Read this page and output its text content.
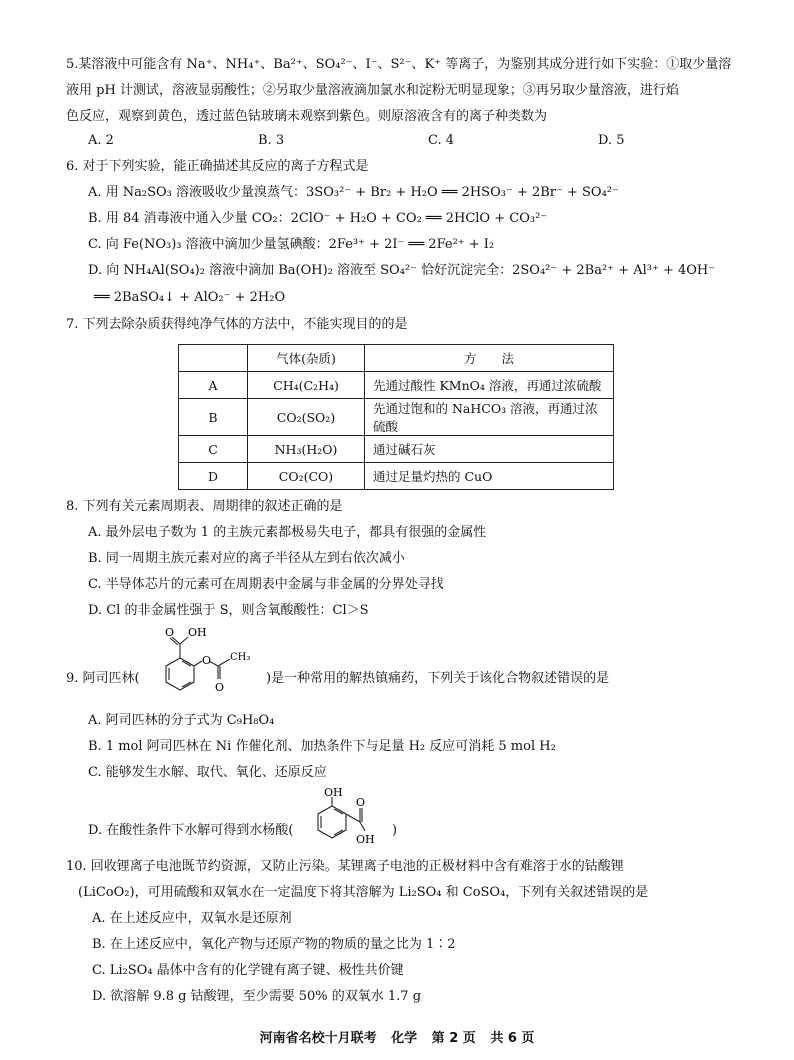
5.某溶液中可能含有 Na⁺、NH₄⁺、Ba²⁺、SO₄²⁻、I⁻、S²⁻、K⁺ 等离子，为鉴别其成分进行如下实验：①取少量溶
液用 pH 计测试，溶液显弱酸性；②另取少量溶液滴加氯水和淀粉无明显现象；③再另取少量溶液，进行焰
色反应，观察到黄色，透过蓝色钴玻璃未观察到紫色。则原溶液含有的离子种类数为
A. 2	B. 3	C. 4	D. 5
6. 对于下列实验，能正确描述其反应的离子方程式是
A. 用 Na₂SO₃ 溶液吸收少量溴蒸气：3SO₃²⁻ + Br₂ + H₂O ══ 2HSO₃⁻ + 2Br⁻ + SO₄²⁻
B. 用 84 消毒液中通入少量 CO₂：2ClO⁻ + H₂O + CO₂ ══ 2HClO + CO₃²⁻
C. 向 Fe(NO₃)₃ 溶液中滴加少量氢碘酸：2Fe³⁺ + 2I⁻ ══ 2Fe²⁺ + I₂
D. 向 NH₄Al(SO₄)₂ 溶液中滴加 Ba(OH)₂ 溶液至 SO₄²⁻ 恰好沉淀完全：2SO₄²⁻ + 2Ba²⁺ + Al³⁺ + 4OH⁻
══ 2BaSO₄↓ + AlO₂⁻ + 2H₂O
7. 下列去除杂质获得纯净气体的方法中，不能实现目的的是
	气体(杂质)	方　　法
A	CH₄(C₂H₄)	先通过酸性 KMnO₄ 溶液，再通过浓硫酸
B	CO₂(SO₂)	先通过饱和的 NaHCO₃ 溶液，再通过浓硫酸
C	NH₃(H₂O)	通过碱石灰
D	CO₂(CO)	通过足量灼热的 CuO
8. 下列有关元素周期表、周期律的叙述正确的是
A. 最外层电子数为 1 的主族元素都极易失电子，都具有很强的金属性
B. 同一周期主族元素对应的离子半径从左到右依次减小
C. 半导体芯片的元素可在周期表中金属与非金属的分界处寻找
D. Cl 的非金属性强于 S，则含氧酸酸性：Cl＞S
O OH
O CH₃
O
9. 阿司匹林(	)是一种常用的解热镇痛药，下列关于该化合物叙述错误的是
A. 阿司匹林的分子式为 C₉H₈O₄
B. 1 mol 阿司匹林在 Ni 作催化剂、加热条件下与足量 H₂ 反应可消耗 5 mol H₂
C. 能够发生水解、取代、氧化、还原反应
OH
O
OH
D. 在酸性条件下水解可得到水杨酸(	)
10. 回收锂离子电池既节约资源，又防止污染。某锂离子电池的正极材料中含有难溶于水的钴酸锂
(LiCoO₂)，可用硫酸和双氧水在一定温度下将其溶解为 Li₂SO₄ 和 CoSO₄，下列有关叙述错误的是
A. 在上述反应中，双氧水是还原剂
B. 在上述反应中，氧化产物与还原产物的物质的量之比为 1∶2
C. Li₂SO₄ 晶体中含有的化学键有离子键、极性共价键
D. 欲溶解 9.8 g 钴酸锂，至少需要 50% 的双氧水 1.7 g
河南省名校十月联考 化学 第 2 页 共 6 页
